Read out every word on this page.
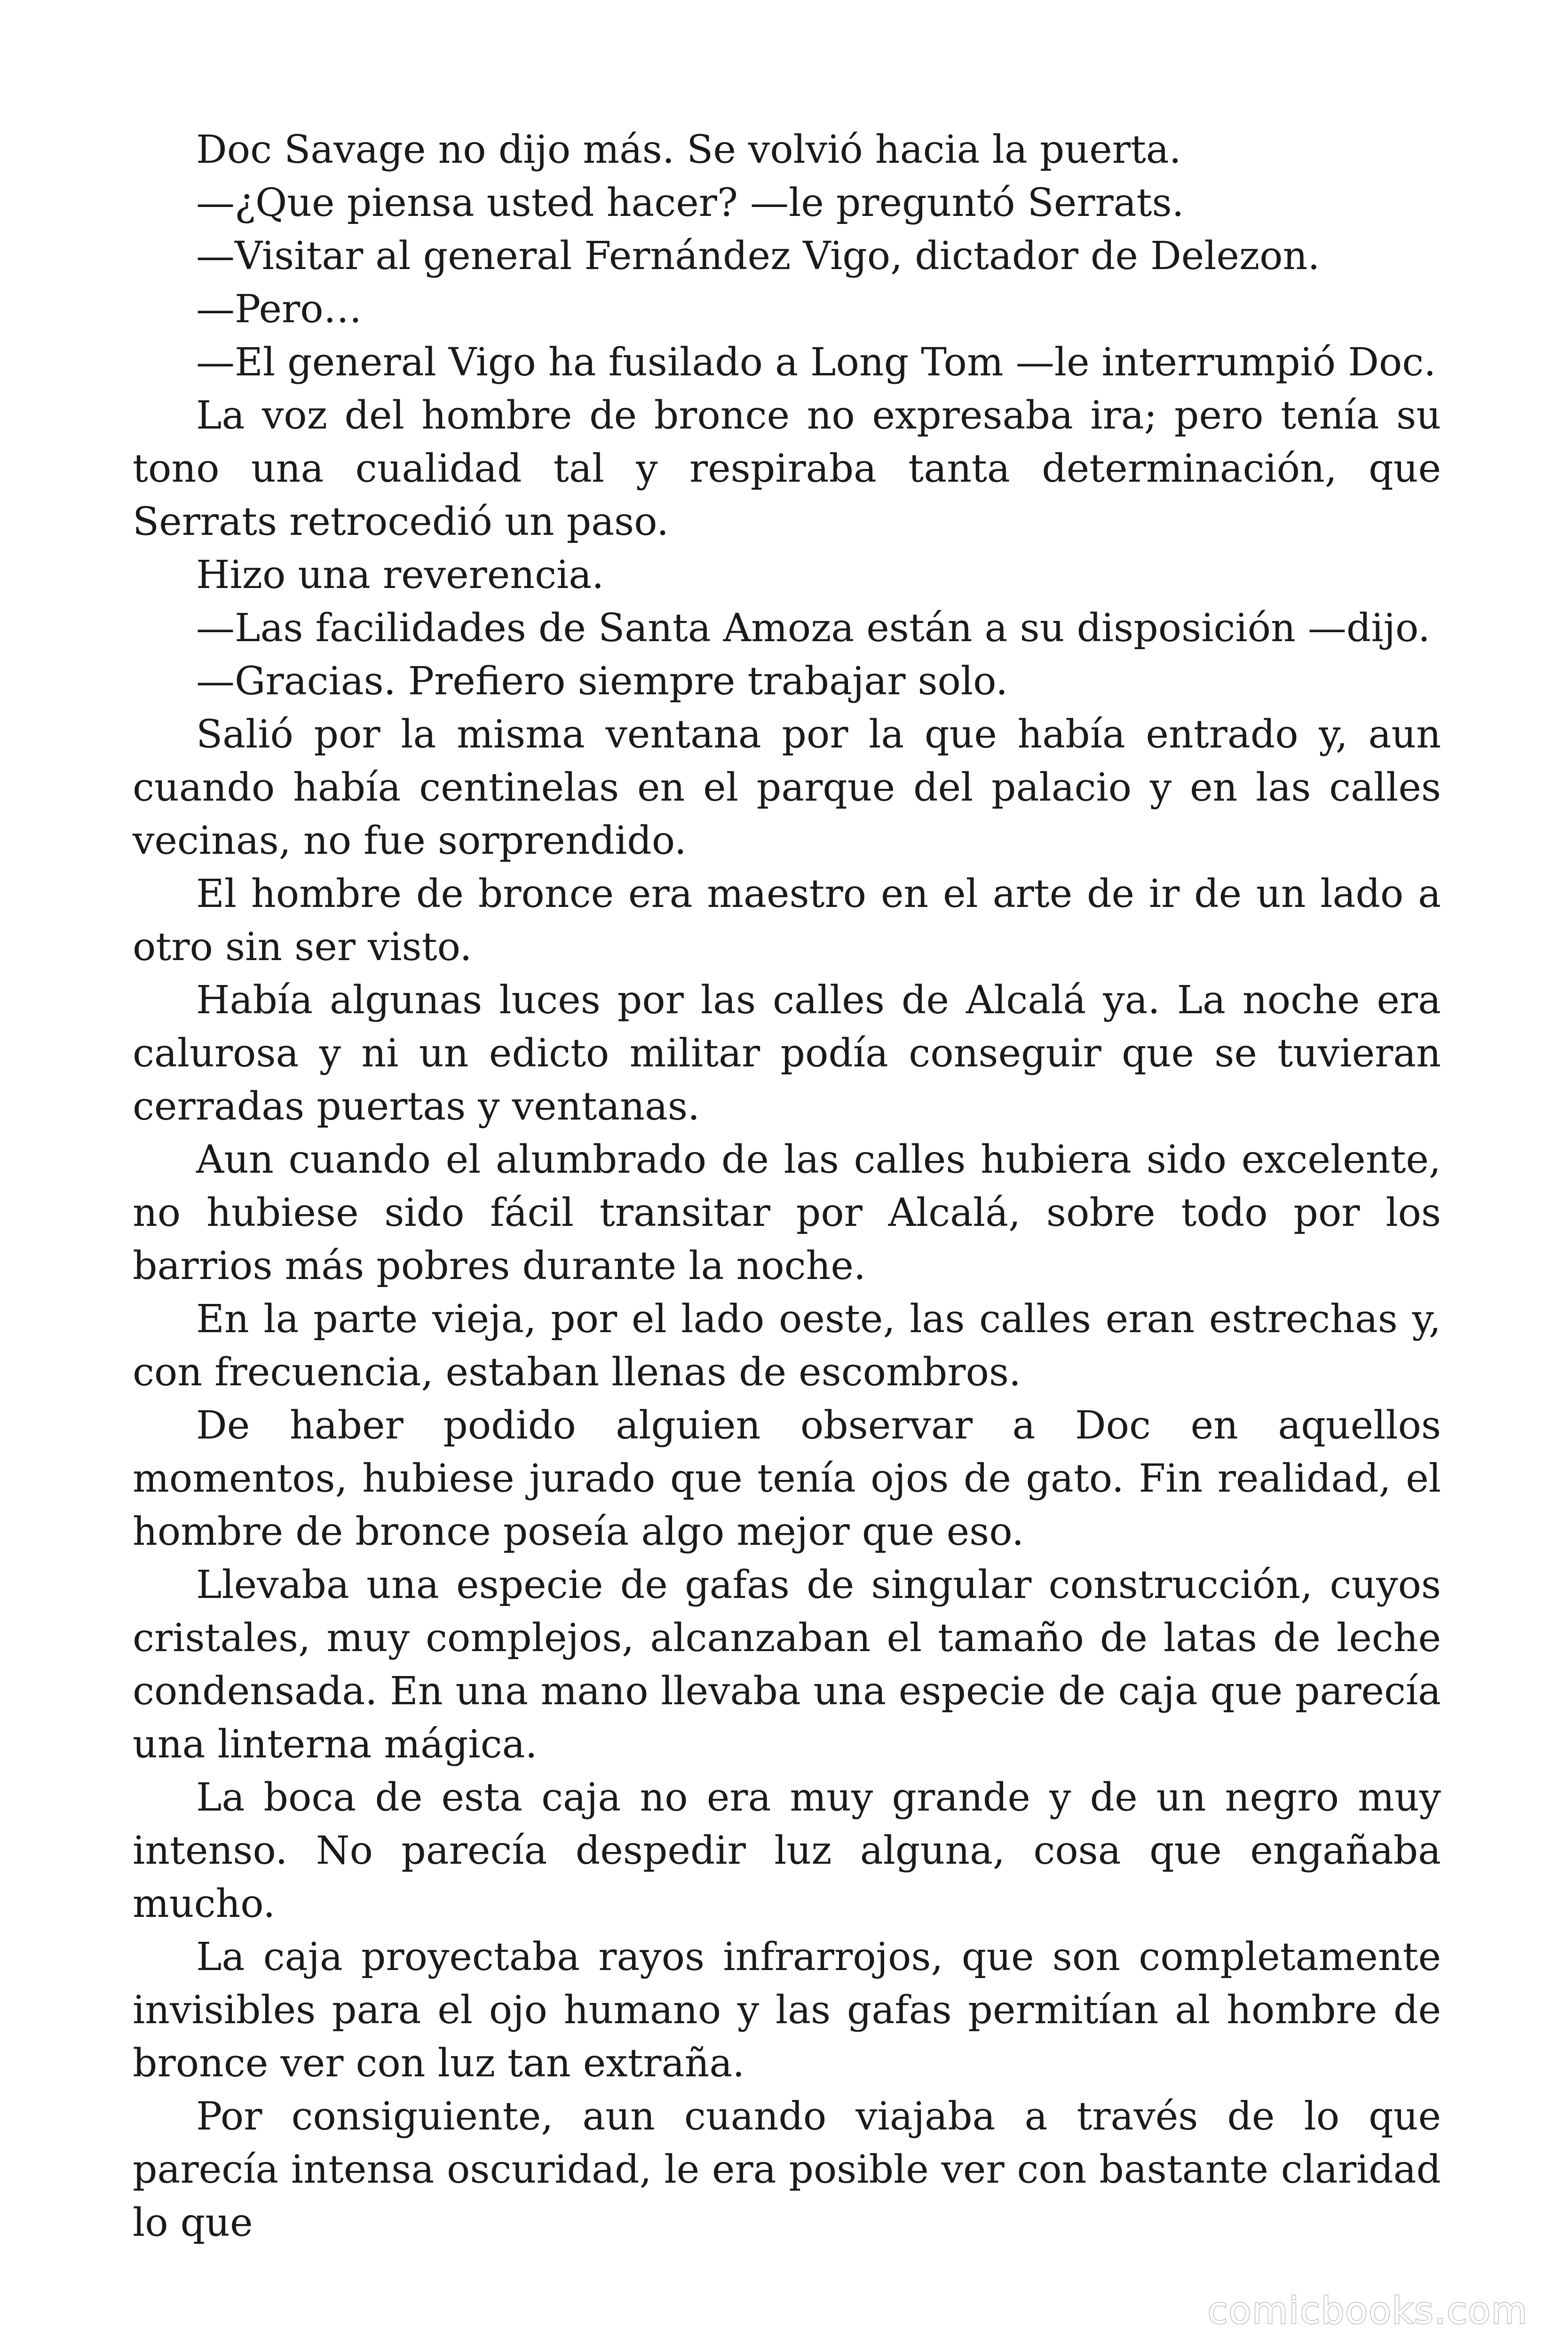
Doc Savage no dijo más. Se volvió hacia la puerta.

—¿Que piensa usted hacer? —le preguntó Serrats.

—Visitar al general Fernández Vigo, dictador de Delezon.

—Pero…

—El general Vigo ha fusilado a Long Tom —le interrumpió Doc.

La voz del hombre de bronce no expresaba ira; pero tenía su tono una cualidad tal y respiraba tanta determinación, que Serrats retrocedió un paso.

Hizo una reverencia.

—Las facilidades de Santa Amoza están a su disposición —dijo.

—Gracias. Prefiero siempre trabajar solo.

Salió por la misma ventana por la que había entrado y, aun cuando había centinelas en el parque del palacio y en las calles vecinas, no fue sorprendido.

El hombre de bronce era maestro en el arte de ir de un lado a otro sin ser visto.

Había algunas luces por las calles de Alcalá ya. La noche era calurosa y ni un edicto militar podía conseguir que se tuvieran cerradas puertas y ventanas.

Aun cuando el alumbrado de las calles hubiera sido excelente, no hubiese sido fácil transitar por Alcalá, sobre todo por los barrios más pobres durante la noche.

En la parte vieja, por el lado oeste, las calles eran estrechas y, con frecuencia, estaban llenas de escombros.

De haber podido alguien observar a Doc en aquellos momentos, hubiese jurado que tenía ojos de gato. Fin realidad, el hombre de bronce poseía algo mejor que eso.

Llevaba una especie de gafas de singular construcción, cuyos cristales, muy complejos, alcanzaban el tamaño de latas de leche condensada. En una mano llevaba una especie de caja que parecía una linterna mágica.

La boca de esta caja no era muy grande y de un negro muy intenso. No parecía despedir luz alguna, cosa que engañaba mucho.

La caja proyectaba rayos infrarrojos, que son completamente invisibles para el ojo humano y las gafas permitían al hombre de bronce ver con luz tan extraña.

Por consiguiente, aun cuando viajaba a través de lo que parecía intensa oscuridad, le era posible ver con bastante claridad lo que

comicbooks.com
